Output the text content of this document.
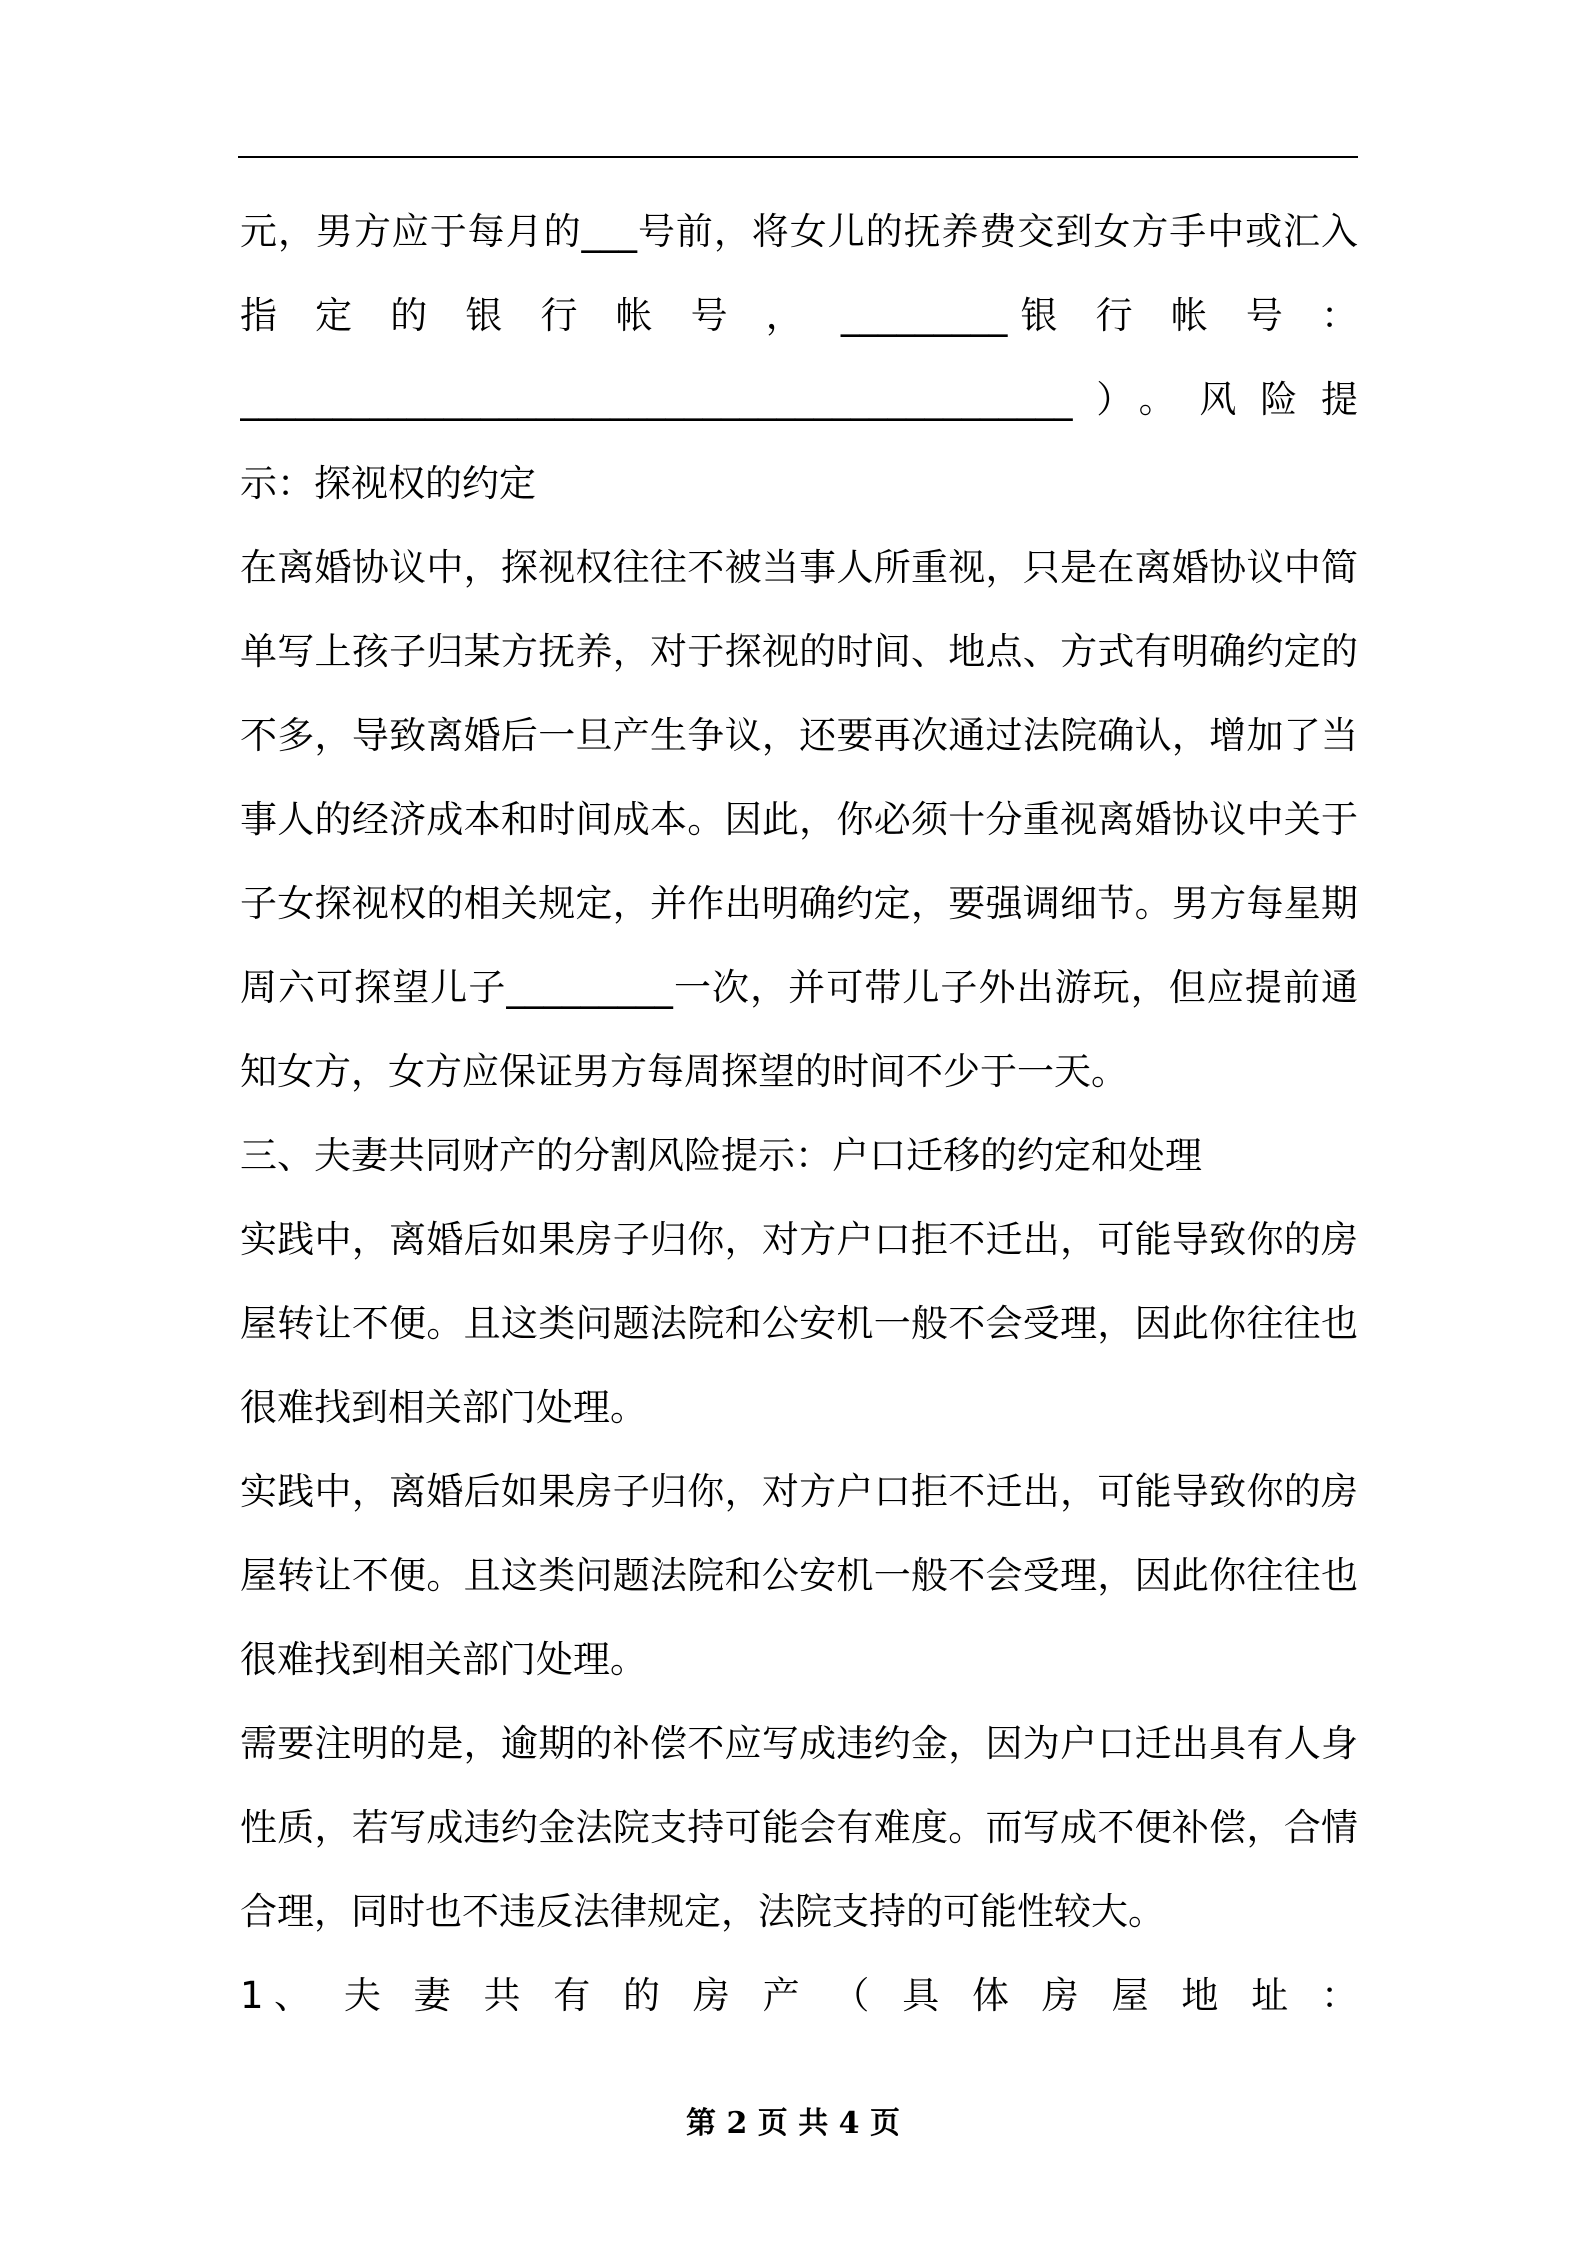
元，男方应于每月的___号前，将女儿的抚养费交到女方手中或汇入
指 定 的 银 行 帐 号 ， _________银 行 帐 号 ：
_____________________________________________）。风险提
示：探视权的约定
在离婚协议中，探视权往往不被当事人所重视，只是在离婚协议中简
单写上孩子归某方抚养，对于探视的时间、地点、方式有明确约定的
不多，导致离婚后一旦产生争议，还要再次通过法院确认，增加了当
事人的经济成本和时间成本。因此，你必须十分重视离婚协议中关于
子女探视权的相关规定，并作出明确约定，要强调细节。男方每星期
周六可探望儿子_________一次，并可带儿子外出游玩，但应提前通
知女方，女方应保证男方每周探望的时间不少于一天。
三、夫妻共同财产的分割风险提示：户口迁移的约定和处理
实践中，离婚后如果房子归你，对方户口拒不迁出，可能导致你的房
屋转让不便。且这类问题法院和公安机一般不会受理，因此你往往也
很难找到相关部门处理。
实践中，离婚后如果房子归你，对方户口拒不迁出，可能导致你的房
屋转让不便。且这类问题法院和公安机一般不会受理，因此你往往也
很难找到相关部门处理。
需要注明的是，逾期的补偿不应写成违约金，因为户口迁出具有人身
性质，若写成违约金法院支持可能会有难度。而写成不便补偿，合情
合理，同时也不违反法律规定，法院支持的可能性较大。
1、 夫 妻 共 有 的 房 产 （ 具 体 房 屋 地 址 ：
第 2 页 共 4 页
